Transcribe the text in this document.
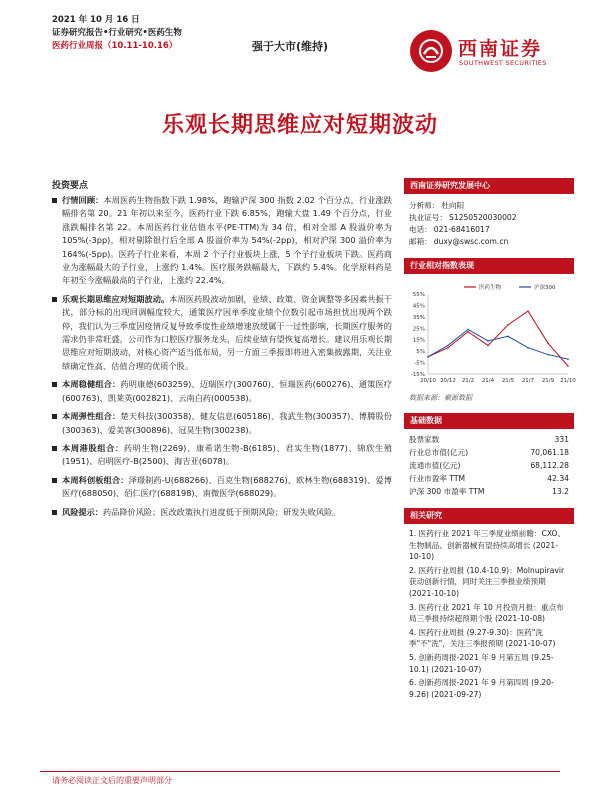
2021 年 10 月 16 日
证券研究报告•行业研究•医药生物
医药行业周报（10.11-10.16）	强于大市(维持)	西南证券
SOUTHWEST SECURITIES
乐观长期思维应对短期波动
投资要点
行情回顾：本周医药生物指数下跌 1.98%，跑输沪深 300 指数 2.02 个百分点，行业涨跌幅排名第 20。21 年初以来至今，医药行业下跌 6.85%，跑输大盘 1.49 个百分点，行业涨跌幅排名第 22。本周医药行业估值水平(PE-TTM)为 34 倍，相对全部 A 股溢价率为 105%(-3pp)，相对剔除银行后全部 A 股溢价率为 54%(-2pp)，相对沪深 300 溢价率为 164%(-5pp)。医药子行业来看，本周 2 个子行业板块上涨，5 个子行业板块下跌。医药商业为涨幅最大的子行业，上涨约 1.4%。医疗服务跌幅最大，下跌约 5.4%。化学原料药是年初至今涨幅最高的子行业，上涨约 22.4%。
乐观长期思维应对短期波动。本周医药股波动加剧，业绩、政策、资金调整等多因素共振干扰，部分标的出现回调幅度较大，通策医疗因单季度业绩个位数引起市场担忧出现两个跌停，我们认为三季度因疫情反复导致季度性业绩增速放缓属于一过性影响，长期医疗服务的需求仍非常旺盛，公司作为口腔医疗服务龙头，后续业绩有望恢复高增长。建议用乐观长期思维应对短期波动，对核心资产适当低布局，另一方面三季报即将进入密集披露期，关注业绩确定性高、估值合理的优质个股。
本周稳健组合：药明康德(603259)、迈瑞医疗(300760)、恒瑞医药(600276)、通策医疗(600763)、凯莱英(002821)、云南白药(000538)。
本周弹性组合：楚天科技(300358)、健友信息(605186)、我武生物(300357)、博腾股份(300363)、爱美客(300896)、冠昊生物(300238)。
本周港股组合：药明生物(2269)、康希诺生物-B(6185)、君实生物(1877)、锦欣生殖(1951)、启明医疗-B(2500)、海吉亚(6078)。
本周科创板组合：泽璟制药-U(688266)、百克生物(688276)、欧林生物(688319)、爱博医疗(688050)、佰仁医疗(688198)、南微医学(688029)。
风险提示：药品降价风险；医改政策执行进度低于预期风险；研发失败风险。
西南证券研究发展中心
分析师： 杜向阳
执业证号： S1250520030002
电话： 021-68416017
邮箱： duxy@swsc.com.cn
行业相对指数表现
55%
45%
35%
25%
15%
5%
-5%
-15%
20/10 20/12 21/2 21/4 21/5 21/7 21/9 21/10
医药生物	沪深300
数据来源：聚源数据
基础数据
股票家数	331
行业总市值(亿元)	70,061.18
流通市值(亿元)	68,112.28
行业市盈率 TTM	42.34
沪深 300 市盈率 TTM	13.2
相关研究
1. 医药行业 2021 年三季度业绩前瞻：CXO、生物制品、创新器械有望持续高增长 (2021-10-10)
2. 医药行业周报 (10.4-10.9)：Molnupiravir 获动创新行情，同时关注三季报业绩预期 (2021-10-10)
3. 医药行业 2021 年 10 月投资月报：重点布局三季报持续超预期个股 (2021-10-08)
4. 医药行业周报 (9.27-9.30)：医药"洗季"不"洗"，关注三季报预期 (2021-10-07)
5. 创新药周报-2021 年 9 月第五周 (9.25-10.1) (2021-10-07)
6. 创新药周报-2021 年 9 月第四周 (9.20-9.26) (2021-09-27)
请务必阅读正文后的重要声明部分
